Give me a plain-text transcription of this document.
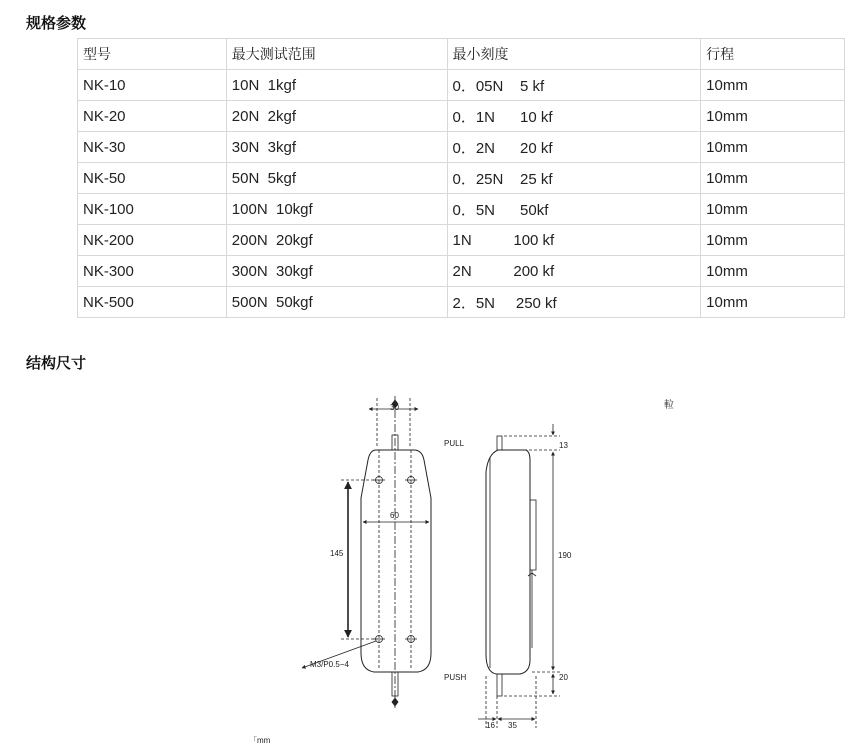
规格参数
型号	最大测试范围	最小刻度	行程
NK-10	10N  1kgf	0．05N    5 kf	10mm
NK-20	20N  2kgf	0．1N      10 kf	10mm
NK-30	30N  3kgf	0．2N      20 kf	10mm
NK-50	50N  5kgf	0．25N    25 kf	10mm
NK-100	100N  10kgf	0．5N      50kf	10mm
NK-200	200N  20kgf	1N          100 kf	10mm
NK-300	300N  30kgf	2N          200 kf	10mm
NK-500	500N  50kgf	2．5N     250 kf	10mm
结构尺寸
30
60
145
M3/P0.5−4
PULL
PUSH
13
190
20
16 35
𨋢
「mm
